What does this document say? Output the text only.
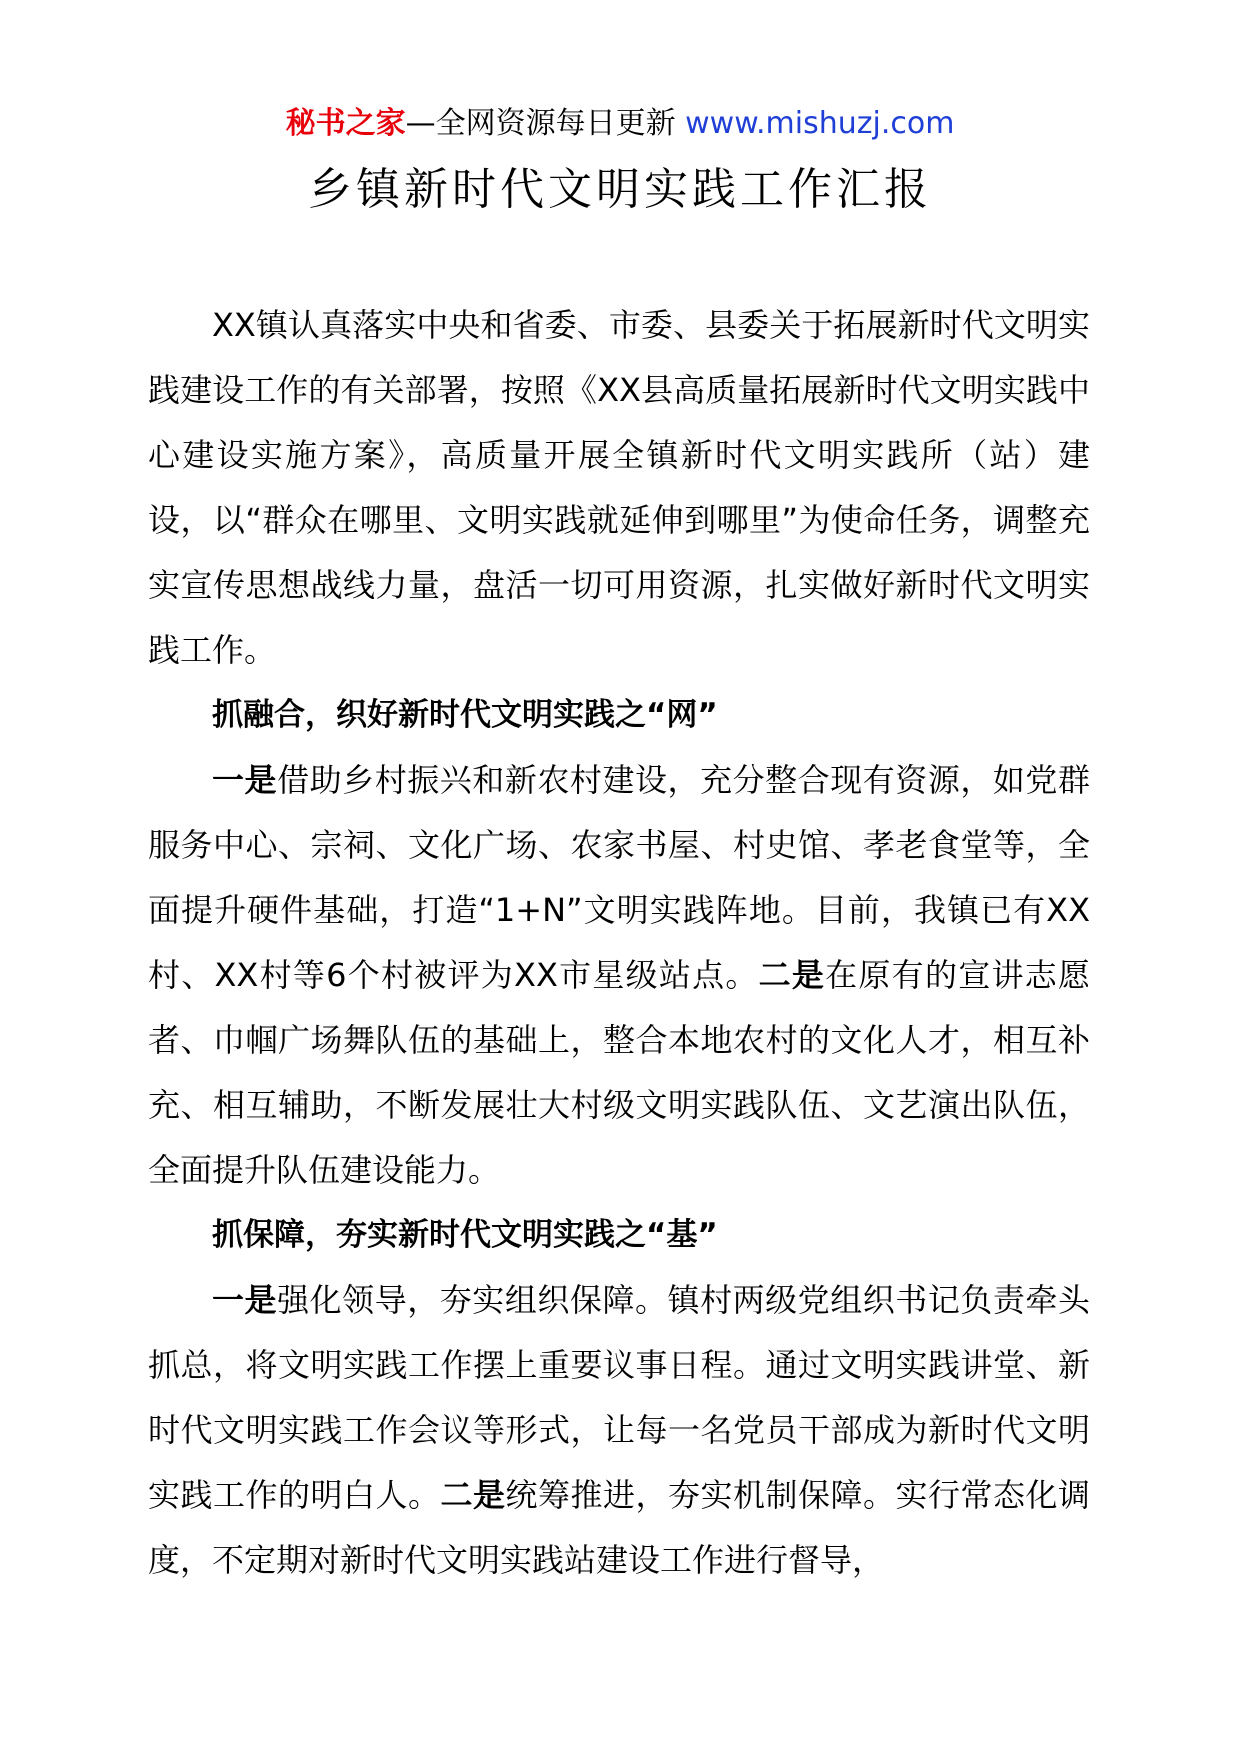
秘书之家—全网资源每日更新 www.mishuzj.com
乡镇新时代文明实践工作汇报

XX镇认真落实中央和省委、市委、县委关于拓展新时代文明实践建设工作的有关部署，按照《XX县高质量拓展新时代文明实践中心建设实施方案》，高质量开展全镇新时代文明实践所（站）建设，以“群众在哪里、文明实践就延伸到哪里”为使命任务，调整充实宣传思想战线力量，盘活一切可用资源，扎实做好新时代文明实践工作。

抓融合，织好新时代文明实践之“网”

一是借助乡村振兴和新农村建设，充分整合现有资源，如党群服务中心、宗祠、文化广场、农家书屋、村史馆、孝老食堂等，全面提升硬件基础，打造“1+N”文明实践阵地。目前，我镇已有XX村、XX村等6个村被评为XX市星级站点。二是在原有的宣讲志愿者、巾帼广场舞队伍的基础上，整合本地农村的文化人才，相互补充、相互辅助，不断发展壮大村级文明实践队伍、文艺演出队伍，全面提升队伍建设能力。

抓保障，夯实新时代文明实践之“基”

一是强化领导，夯实组织保障。镇村两级党组织书记负责牵头抓总，将文明实践工作摆上重要议事日程。通过文明实践讲堂、新时代文明实践工作会议等形式，让每一名党员干部成为新时代文明实践工作的明白人。二是统筹推进，夯实机制保障。实行常态化调度，不定期对新时代文明实践站建设工作进行督导，
